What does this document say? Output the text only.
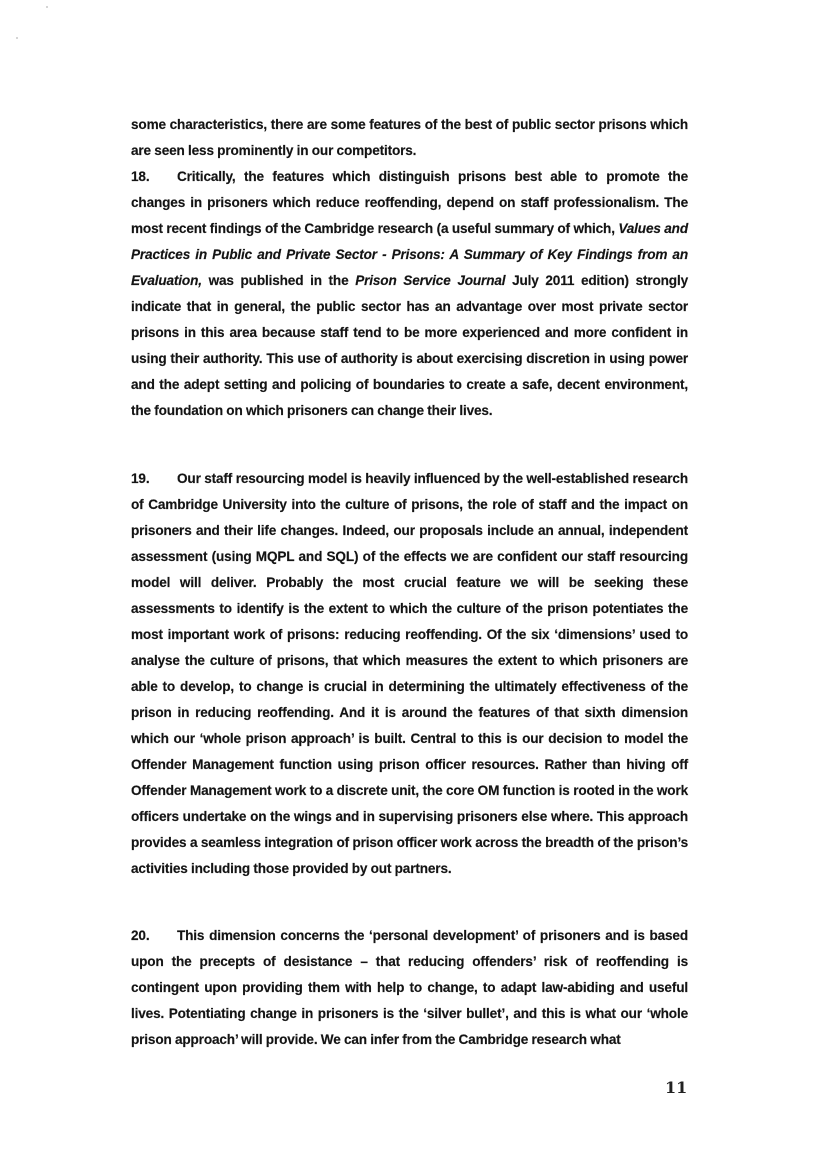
some characteristics, there are some features of the best of public sector prisons which are seen less prominently in our competitors.

18. Critically, the features which distinguish prisons best able to promote the changes in prisoners which reduce reoffending, depend on staff professionalism. The most recent findings of the Cambridge research (a useful summary of which, Values and Practices in Public and Private Sector - Prisons: A Summary of Key Findings from an Evaluation, was published in the Prison Service Journal July 2011 edition) strongly indicate that in general, the public sector has an advantage over most private sector prisons in this area because staff tend to be more experienced and more confident in using their authority. This use of authority is about exercising discretion in using power and the adept setting and policing of boundaries to create a safe, decent environment, the foundation on which prisoners can change their lives.

19. Our staff resourcing model is heavily influenced by the well-established research of Cambridge University into the culture of prisons, the role of staff and the impact on prisoners and their life changes. Indeed, our proposals include an annual, independent assessment (using MQPL and SQL) of the effects we are confident our staff resourcing model will deliver. Probably the most crucial feature we will be seeking these assessments to identify is the extent to which the culture of the prison potentiates the most important work of prisons: reducing reoffending. Of the six ‘dimensions’ used to analyse the culture of prisons, that which measures the extent to which prisoners are able to develop, to change is crucial in determining the ultimately effectiveness of the prison in reducing reoffending. And it is around the features of that sixth dimension which our ‘whole prison approach’ is built. Central to this is our decision to model the Offender Management function using prison officer resources. Rather than hiving off Offender Management work to a discrete unit, the core OM function is rooted in the work officers undertake on the wings and in supervising prisoners else where. This approach provides a seamless integration of prison officer work across the breadth of the prison’s activities including those provided by out partners.

20. This dimension concerns the ‘personal development’ of prisoners and is based upon the precepts of desistance – that reducing offenders’ risk of reoffending is contingent upon providing them with help to change, to adapt law-abiding and useful lives. Potentiating change in prisoners is the ‘silver bullet’, and this is what our ‘whole prison approach’ will provide. We can infer from the Cambridge research what

11
